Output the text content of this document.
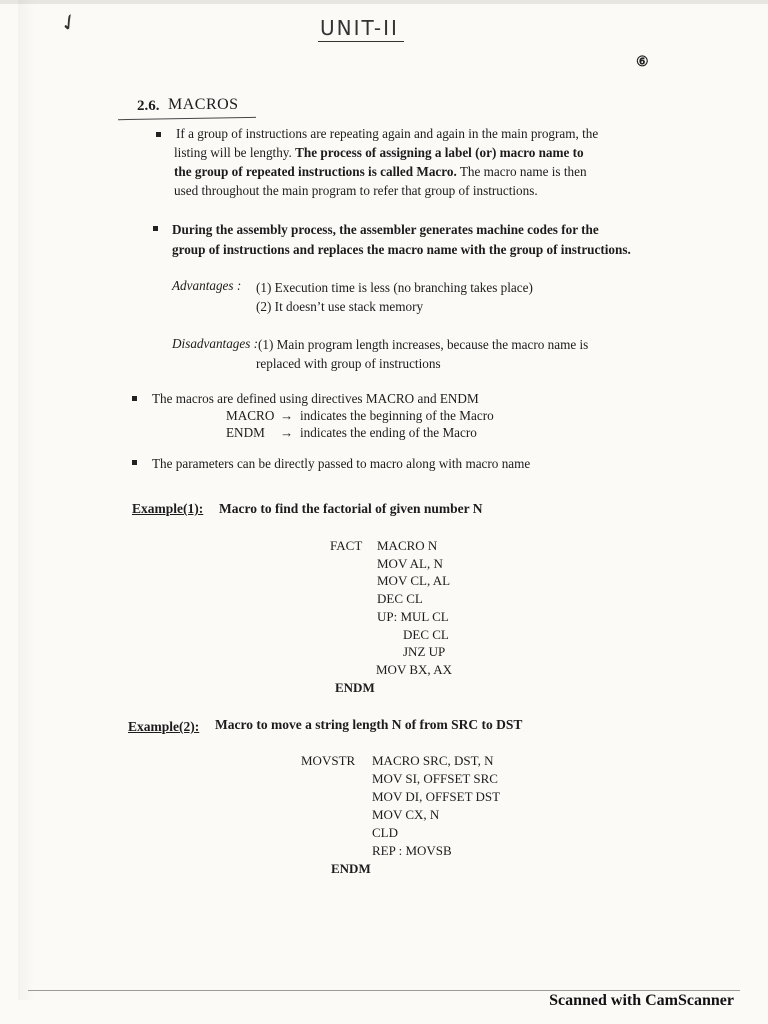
✓	UNIT-II
⑥
2.6. MACROS
If a group of instructions are repeating again and again in the main program, the
listing will be lengthy. The process of assigning a label (or) macro name to
the group of repeated instructions is called Macro. The macro name is then
used throughout the main program to refer that group of instructions.
During the assembly process, the assembler generates machine codes for the
group of instructions and replaces the macro name with the group of instructions.
Advantages : (1) Execution time is less (no branching takes place)
(2) It doesn’t use stack memory
Disadvantages : (1) Main program length increases, because the macro name is
replaced with group of instructions
The macros are defined using directives MACRO and ENDM
MACRO → indicates the beginning of the Macro
ENDM → indicates the ending of the Macro
The parameters can be directly passed to macro along with macro name
Example(1): Macro to find the factorial of given number N
FACT MACRO N
MOV AL, N
MOV CL, AL
DEC CL
UP: MUL CL
DEC CL
JNZ UP
MOV BX, AX
ENDM
Example(2): Macro to move a string length N of from SRC to DST
MOVSTR MACRO SRC, DST, N
MOV SI, OFFSET SRC
MOV DI, OFFSET DST
MOV CX, N
CLD
REP : MOVSB
ENDM
Scanned with CamScanner
